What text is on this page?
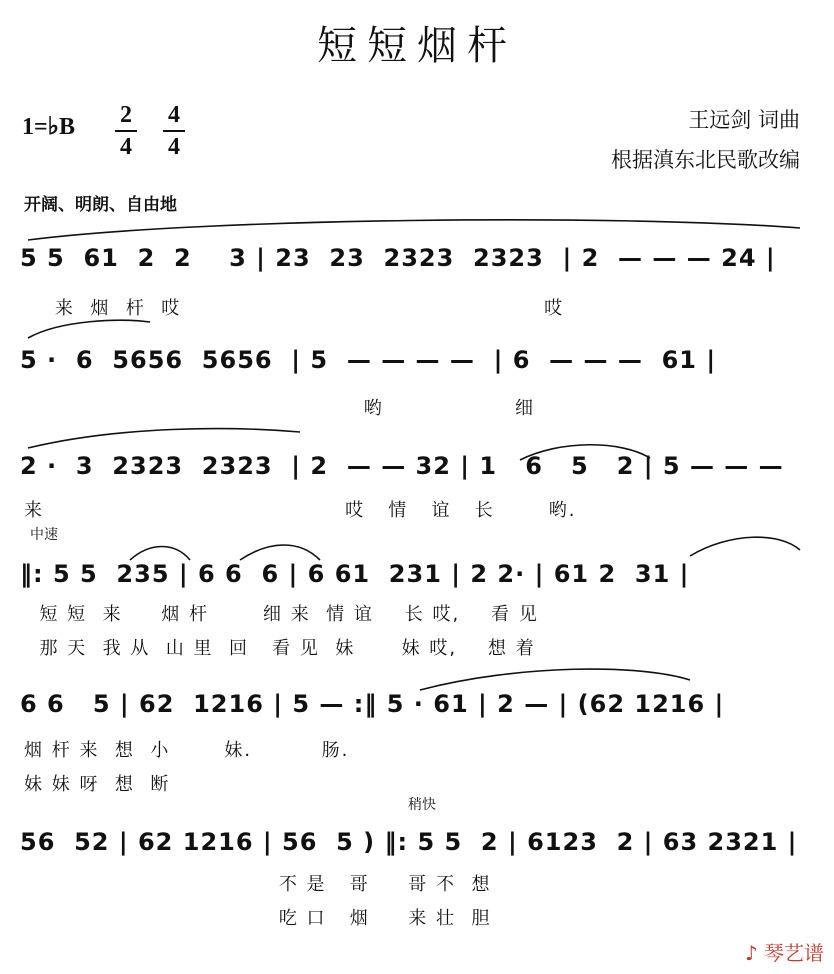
短短烟杆
1=♭B	2
4
4
4
王远剑 词曲
根据滇东北民歌改编
开阔、明朗、自由地
中速
稍快
5 5  61  2  2    3 | 23  23  2323  2323  | 2  — — — 24 |
来  烟  杆  哎                                               哎
5 ·  6  5656  5656  | 5  — — — —  | 6  — — —  61 |
哟                 细
2 ·  3  2323  2323  | 2  — — 32 | 1   6   5   2 | 5 — — —
来                                       哎   情   谊   长       哟.
‖: 5 5  235 | 6 6  6 | 6 61  231 | 2 2· | 61 2  31 |
短 短  来     烟 杆       细 来  情 谊    长 哎,    看 见
那 天  我 从  山 里  回   看 见  妹      妹 哎,    想 着
6 6   5 | 62  1216 | 5 — :‖ 5 · 61 | 2 — | (62 1216 |
烟 杆 来  想  小       妹.         肠.
妹 妹 呀  想  断
56  52 | 62 1216 | 56  5 ) ‖: 5 5  2 | 6123  2 | 63 2321 |
不 是   哥     哥 不  想
吃 口   烟     来 壮  胆
♪ 琴艺谱
